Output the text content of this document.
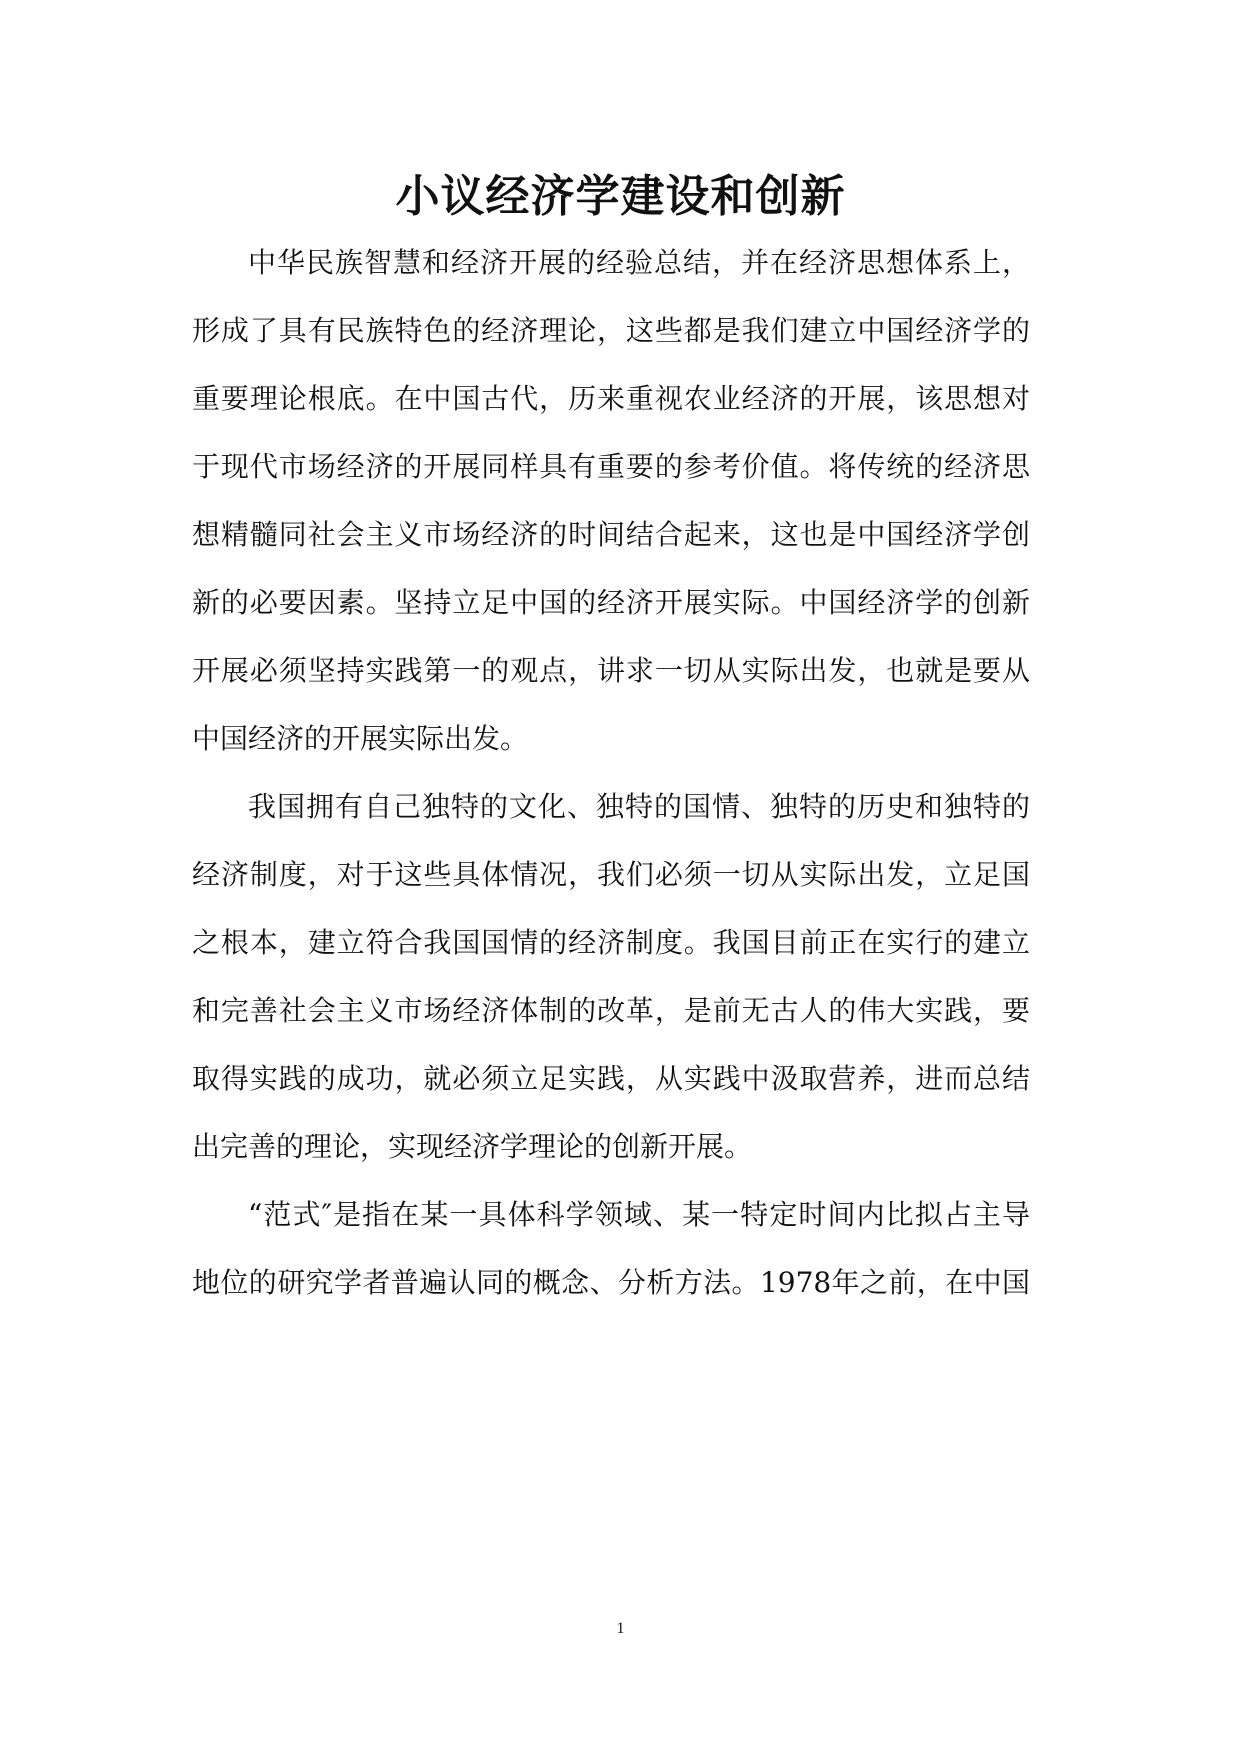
小议经济学建设和创新
中华民族智慧和经济开展的经验总结，并在经济思想体系上，
形成了具有民族特色的经济理论，这些都是我们建立中国经济学的
重要理论根底。在中国古代，历来重视农业经济的开展，该思想对
于现代市场经济的开展同样具有重要的参考价值。将传统的经济思
想精髓同社会主义市场经济的时间结合起来，这也是中国经济学创
新的必要因素。坚持立足中国的经济开展实际。中国经济学的创新
开展必须坚持实践第一的观点，讲求一切从实际出发，也就是要从
中国经济的开展实际出发。
我国拥有自己独特的文化、独特的国情、独特的历史和独特的
经济制度，对于这些具体情况，我们必须一切从实际出发，立足国
之根本，建立符合我国国情的经济制度。我国目前正在实行的建立
和完善社会主义市场经济体制的改革，是前无古人的伟大实践，要
取得实践的成功，就必须立足实践，从实践中汲取营养，进而总结
出完善的理论，实现经济学理论的创新开展。
“范式″是指在某一具体科学领域、某一特定时间内比拟占主导
地位的研究学者普遍认同的概念、分析方法。1978年之前，在中国
1
